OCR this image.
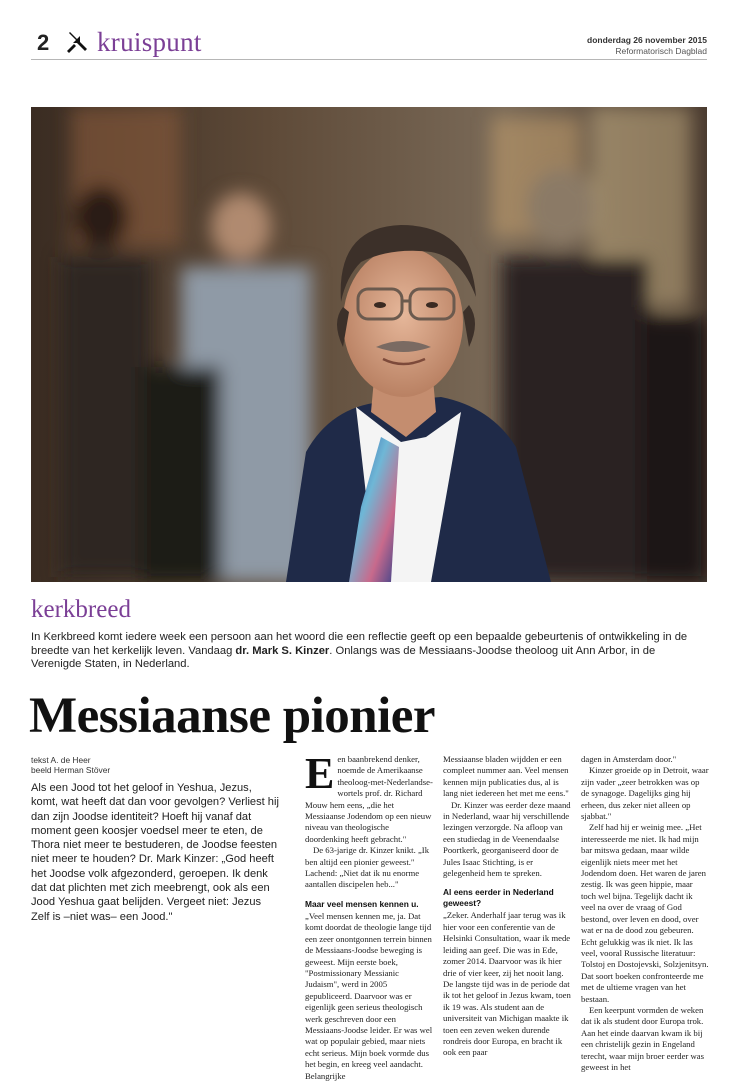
2 kruispunt	donderdag 26 november 2015
Reformatorisch Dagblad
kerkbreed
In Kerkbreed komt iedere week een persoon aan het woord die een reflectie geeft op een bepaalde gebeurtenis of ontwikkeling in de breedte van het kerkelijk leven. Vandaag dr. Mark S. Kinzer. Onlangs was de Messiaans-Joodse theoloog uit Ann Arbor, in de Verenigde Staten, in Nederland.
Messiaanse pionier
tekst A. de Heer
beeld Herman Stöver
Als een Jood tot het geloof in Yeshua, Jezus, komt, wat heeft dat dan voor gevolgen? Verliest hij dan zijn Joodse identiteit? Hoeft hij vanaf dat moment geen koosjer voedsel meer te eten, de Thora niet meer te bestuderen, de Joodse feesten niet meer te houden? Dr. Mark Kinzer: „God heeft het Joodse volk afgezonderd, geroepen. Ik denk dat dat plichten met zich meebrengt, ook als een Jood Yeshua gaat belijden. Vergeet niet: Jezus Zelf is –niet was– een Jood."
E en baanbrekend denker, noemde de Amerikaanse theoloog-met-Nederlandse-wortels prof. dr. Richard Mouw hem eens, „die het Messiaanse Jodendom op een nieuw niveau van theologische doordenking heeft gebracht."

De 63-jarige dr. Kinzer knikt. „Ik ben altijd een pionier geweest." Lachend: „Niet dat ik nu enorme aantallen discipelen heb..."

Maar veel mensen kennen u.

„Veel mensen kennen me, ja. Dat komt doordat de theologie lange tijd een zeer onontgonnen terrein binnen de Messiaans-Joodse beweging is geweest. Mijn eerste boek, "Postmissionary Messianic Judaism", werd in 2005 gepubliceerd. Daarvoor was er eigenlijk geen serieus theologisch werk geschreven door een Messiaans-Joodse leider. Er was wel wat op populair gebied, maar niets echt serieus. Mijn boek vormde dus het begin, en kreeg veel aandacht. Belangrijke

Messiaanse bladen wijdden er een compleet nummer aan. Veel mensen kennen mijn publicaties dus, al is lang niet iedereen het met me eens."

Dr. Kinzer was eerder deze maand in Nederland, waar hij verschillende lezingen verzorgde. Na afloop van een studiedag in de Veenendaalse Poortkerk, georganiseerd door de Jules Isaac Stichting, is er gelegenheid hem te spreken.

Al eens eerder in Nederland geweest?

„Zeker. Anderhalf jaar terug was ik hier voor een conferentie van de Helsinki Consultation, waar ik mede leiding aan geef. Die was in Ede, zomer 2014. Daarvoor was ik hier drie of vier keer, zij het nooit lang. De langste tijd was in de periode dat ik tot het geloof in Jezus kwam, toen ik 19 was. Als student aan de universiteit van Michigan maakte ik toen een zeven weken durende rondreis door Europa, en bracht ik ook een paar

dagen in Amsterdam door."

Kinzer groeide op in Detroit, waar zijn vader „zeer betrokken was op de synagoge. Dagelijks ging hij erheen, dus zeker niet alleen op sjabbat."

Zelf had hij er weinig mee. „Het interesseerde me niet. Ik had mijn bar mitswa gedaan, maar wilde eigenlijk niets meer met het Jodendom doen. Het waren de jaren zestig. Ik was geen hippie, maar toch wel bijna. Tegelijk dacht ik veel na over de vraag of God bestond, over leven en dood, over wat er na de dood zou gebeuren. Echt gelukkig was ik niet. Ik las veel, vooral Russische literatuur: Tolstoj en Dostojevski, Solzjenitsyn. Dat soort boeken confronteerde me met de ultieme vragen van het bestaan.

Een keerpunt vormden de weken dat ik als student door Europa trok. Aan het einde daarvan kwam ik bij een christelijk gezin in Engeland terecht, waar mijn broer eerder was geweest in het
